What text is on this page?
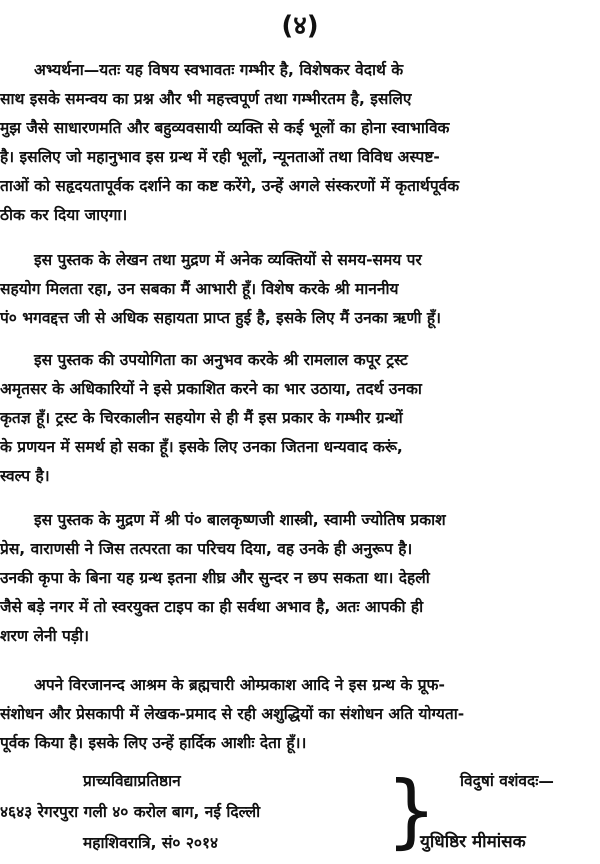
(४)

अभ्यर्थना—यतः यह विषय स्वभावतः गम्भीर है, विशेषकर वेदार्थ के
साथ इसके समन्वय का प्रश्न और भी महत्त्वपूर्ण तथा गम्भीरतम है, इसलिए
मुझ जैसे साधारणमति और बहुव्यवसायी व्यक्ति से कई भूलों का होना स्वाभाविक
है। इसलिए जो महानुभाव इस ग्रन्थ में रही भूलों, न्यूनताओं तथा विविध अस्पष्ट-
ताओं को सहृदयतापूर्वक दर्शाने का कष्ट करेंगे, उन्हें अगले संस्करणों में कृतार्थपूर्वक
ठीक कर दिया जाएगा।

इस पुस्तक के लेखन तथा मुद्रण में अनेक व्यक्तियों से समय-समय पर
सहयोग मिलता रहा, उन सबका मैं आभारी हूँ। विशेष करके श्री माननीय
पं० भगवद्दत्त जी से अधिक सहायता प्राप्त हुई है, इसके लिए मैं उनका ऋणी हूँ।

इस पुस्तक की उपयोगिता का अनुभव करके श्री रामलाल कपूर ट्रस्ट
अमृतसर के अधिकारियों ने इसे प्रकाशित करने का भार उठाया, तदर्थ उनका
कृतज्ञ हूँ। ट्रस्ट के चिरकालीन सहयोग से ही मैं इस प्रकार के गम्भीर ग्रन्थों
के प्रणयन में समर्थ हो सका हूँ। इसके लिए उनका जितना धन्यवाद करूं,
स्वल्प है।

इस पुस्तक के मुद्रण में श्री पं० बालकृष्णजी शास्त्री, स्वामी ज्योतिष प्रकाश
प्रेस, वाराणसी ने जिस तत्परता का परिचय दिया, वह उनके ही अनुरूप है।
उनकी कृपा के बिना यह ग्रन्थ इतना शीघ्र और सुन्दर न छप सकता था। देहली
जैसे बड़े नगर में तो स्वरयुक्त टाइप का ही सर्वथा अभाव है, अतः आपकी ही
शरण लेनी पड़ी।

अपने विरजानन्द आश्रम के ब्रह्मचारी ओम्प्रकाश आदि ने इस ग्रन्थ के प्रूफ-
संशोधन और प्रेसकापी में लेखक-प्रमाद से रही अशुद्धियों का संशोधन अति योग्यता-
पूर्वक किया है। इसके लिए उन्हें हार्दिक आशीः देता हूँ।।

प्राच्यविद्याप्रतिष्ठान
४६४३ रेगरपुरा गली ४० करोल बाग, नई दिल्ली
महाशिवरात्रि, सं० २०१४	}	विदुषां वशंवदः—
युधिष्ठिर मीमांसक
